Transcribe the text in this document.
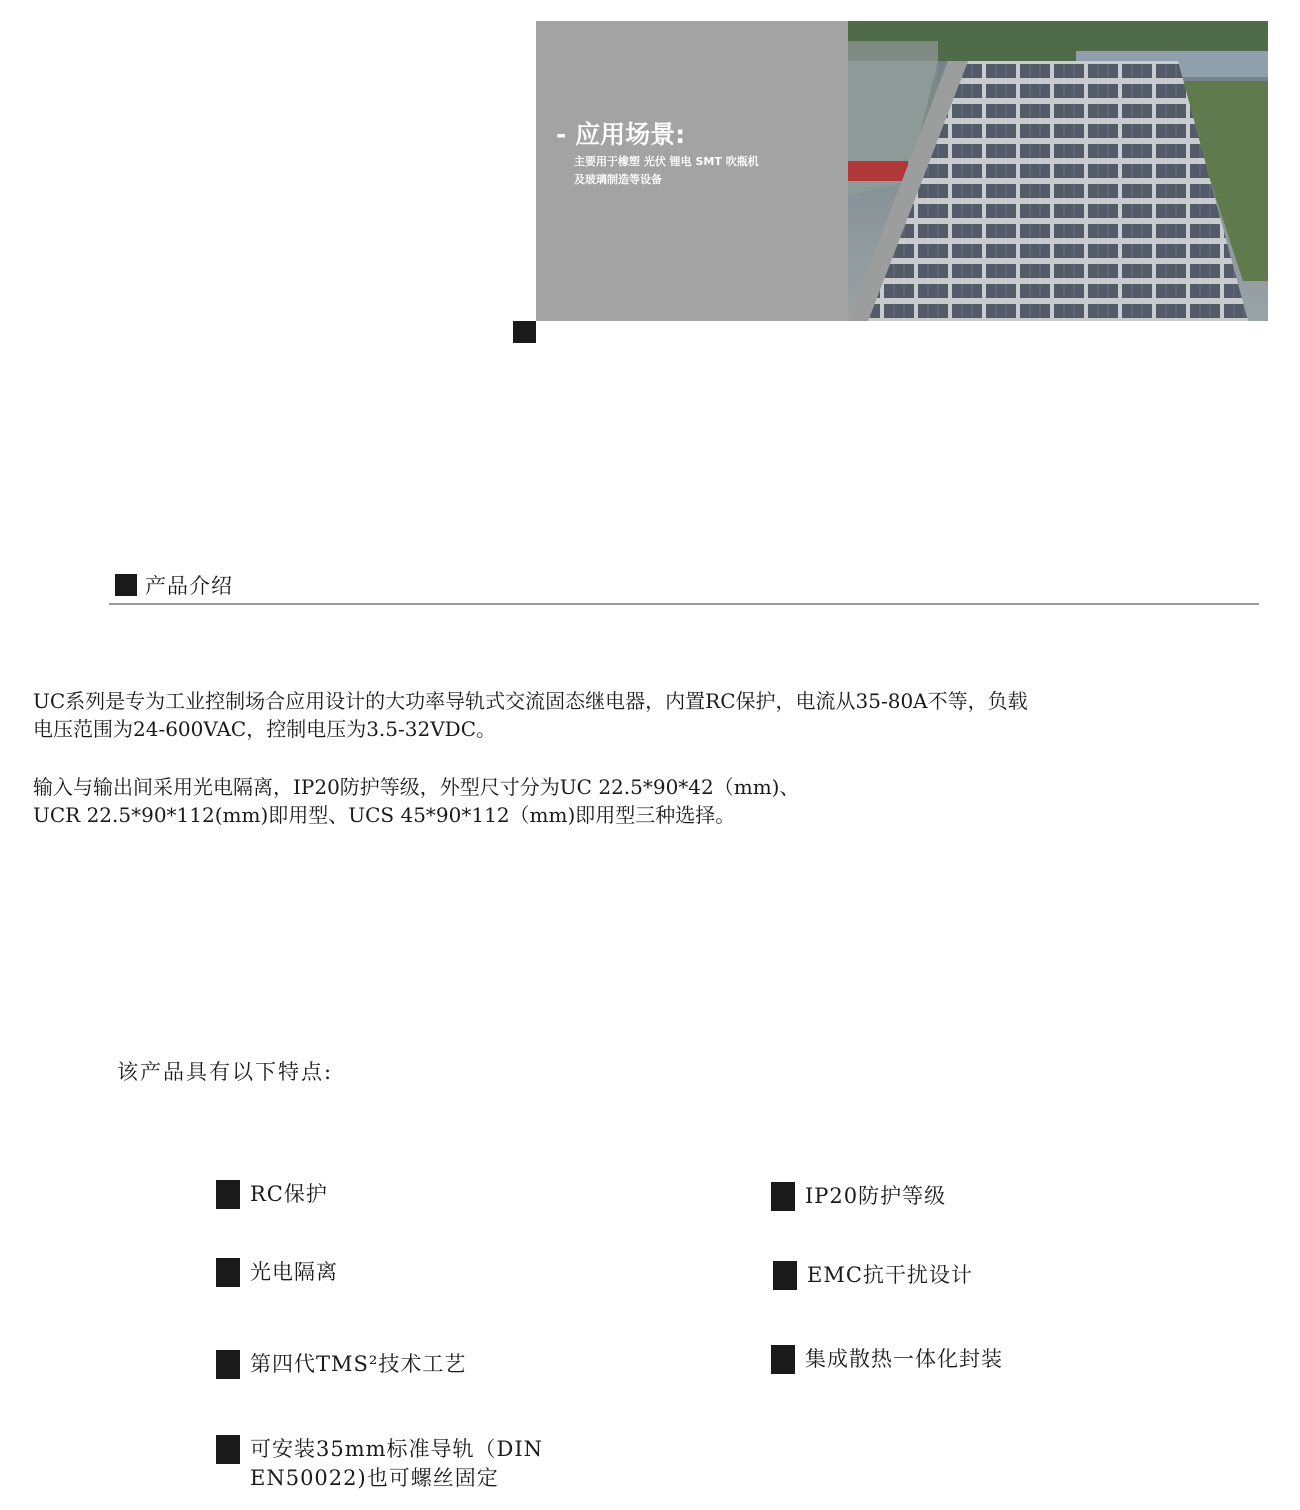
- 应用场景:

主要用于橡塑 光伏 锂电 SMT 吹瓶机
及玻璃制造等设备

产品介绍

UC系列是专为工业控制场合应用设计的大功率导轨式交流固态继电器，内置RC保护，电流从35-80A不等，负载
电压范围为24-600VAC，控制电压为3.5-32VDC。

输入与输出间采用光电隔离，IP20防护等级，外型尺寸分为UC 22.5*90*42（mm)、
UCR 22.5*90*112(mm)即用型、UCS 45*90*112（mm)即用型三种选择。

该产品具有以下特点:

RC保护
光电隔离
第四代TMS²技术工艺
可安装35mm标准导轨（DIN
EN50022)也可螺丝固定
IP20防护等级
EMC抗干扰设计
集成散热一体化封装
